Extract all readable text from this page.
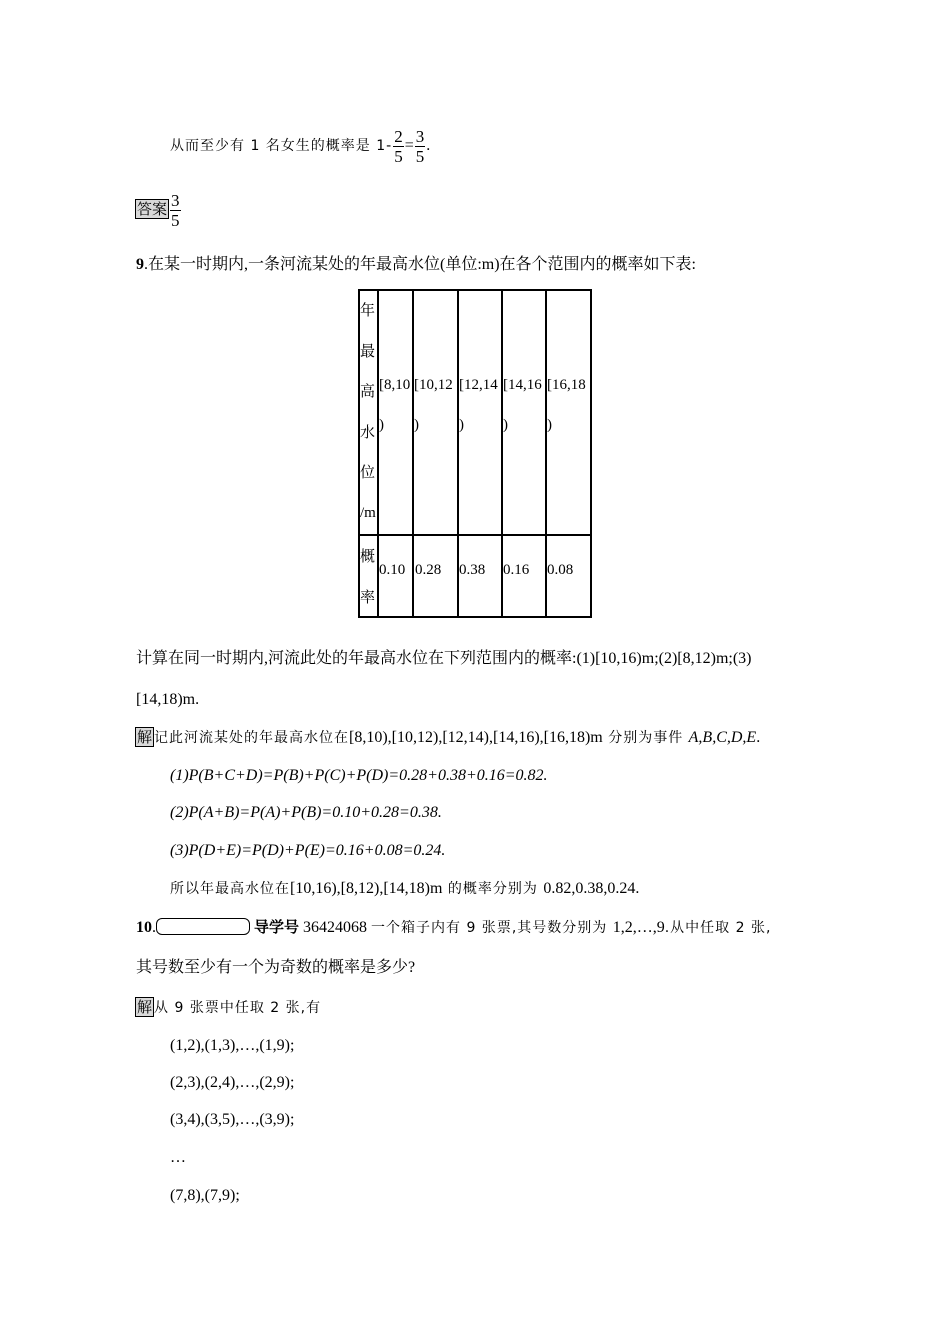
从而至少有 1 名女生的概率是 $1- \frac{2}{5} = \frac{3}{5}$ .
答案 $\frac{3}{5}$
9.在某一时期内,一条河流某处的年最高水位(单位:m)在各个范围内的概率如下表:
年
最
高
水
位
/m
[8,10
)
[10,12
)
[12,14
)
[14,16
)
[16,18
)
概
率
0.10 0.28 0.38 0.16 0.08
计算在同一时期内,河流此处的年最高水位在下列范围内的概率:(1)[10,16)m;(2)[8,12)m;(3)
[14,18)m.
解 记此河流某处的年最高水位在[8,10),[10,12),[12,14),[14,16),[16,18)m 分别为事件 A,B,C,D,E.
(1)P(B+C+D)=P(B)+P(C)+P(D)=0.28+0.38+0.16=0.82.
(2)P(A+B)=P(A)+P(B)=0.10+0.28=0.38.
(3)P(D+E)=P(D)+P(E)=0.16+0.08=0.24.
所以年最高水位在[10,16),[8,12),[14,18)m 的概率分别为 0.82,0.38,0.24.
10.	导学号 36424068 一个箱子内有 9 张票,其号数分别为 1,2,…,9.从中任取 2 张,
其号数至少有一个为奇数的概率是多少?
解 从 9 张票中任取 2 张,有
(1,2),(1,3),…,(1,9);
(2,3),(2,4),…,(2,9);
(3,4),(3,5),…,(3,9);
…
(7,8),(7,9);
